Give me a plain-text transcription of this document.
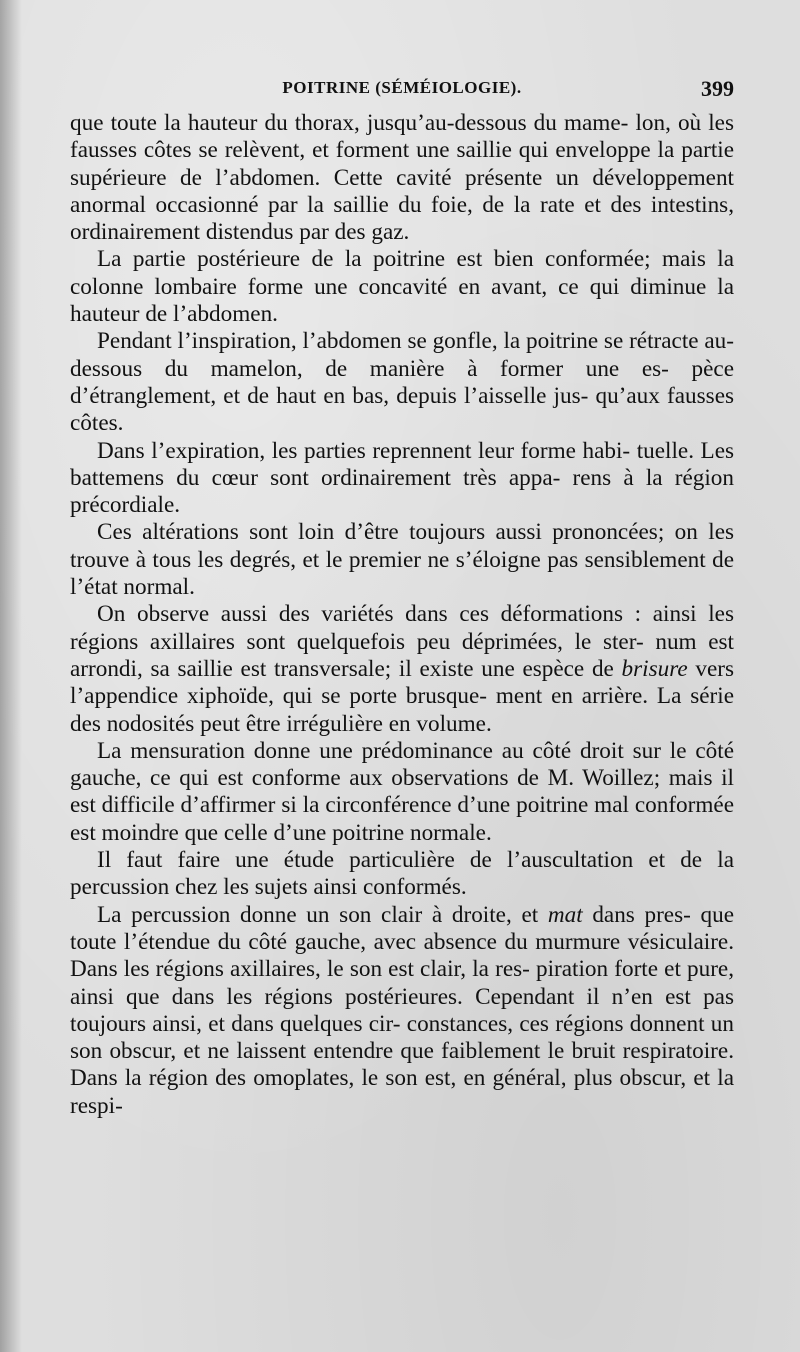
POITRINE (SÉMÉIOLOGIE).	399

que toute la hauteur du thorax, jusqu’au-dessous du mame- lon, où les fausses côtes se relèvent, et forment une saillie qui enveloppe la partie supérieure de l’abdomen. Cette cavité présente un développement anormal occasionné par la saillie du foie, de la rate et des intestins, ordinairement distendus par des gaz.

La partie postérieure de la poitrine est bien conformée; mais la colonne lombaire forme une concavité en avant, ce qui diminue la hauteur de l’abdomen.

Pendant l’inspiration, l’abdomen se gonfle, la poitrine se rétracte au-dessous du mamelon, de manière à former une es- pèce d’étranglement, et de haut en bas, depuis l’aisselle jus- qu’aux fausses côtes.

Dans l’expiration, les parties reprennent leur forme habi- tuelle. Les battemens du cœur sont ordinairement très appa- rens à la région précordiale.

Ces altérations sont loin d’être toujours aussi prononcées; on les trouve à tous les degrés, et le premier ne s’éloigne pas sensiblement de l’état normal.

On observe aussi des variétés dans ces déformations : ainsi les régions axillaires sont quelquefois peu déprimées, le ster- num est arrondi, sa saillie est transversale; il existe une espèce de brisure vers l’appendice xiphoïde, qui se porte brusque- ment en arrière. La série des nodosités peut être irrégulière en volume.

La mensuration donne une prédominance au côté droit sur le côté gauche, ce qui est conforme aux observations de M. Woillez; mais il est difficile d’affirmer si la circonférence d’une poitrine mal conformée est moindre que celle d’une poitrine normale.

Il faut faire une étude particulière de l’auscultation et de la percussion chez les sujets ainsi conformés.

La percussion donne un son clair à droite, et mat dans pres- que toute l’étendue du côté gauche, avec absence du murmure vésiculaire. Dans les régions axillaires, le son est clair, la res- piration forte et pure, ainsi que dans les régions postérieures. Cependant il n’en est pas toujours ainsi, et dans quelques cir- constances, ces régions donnent un son obscur, et ne laissent entendre que faiblement le bruit respiratoire. Dans la région des omoplates, le son est, en général, plus obscur, et la respi-
